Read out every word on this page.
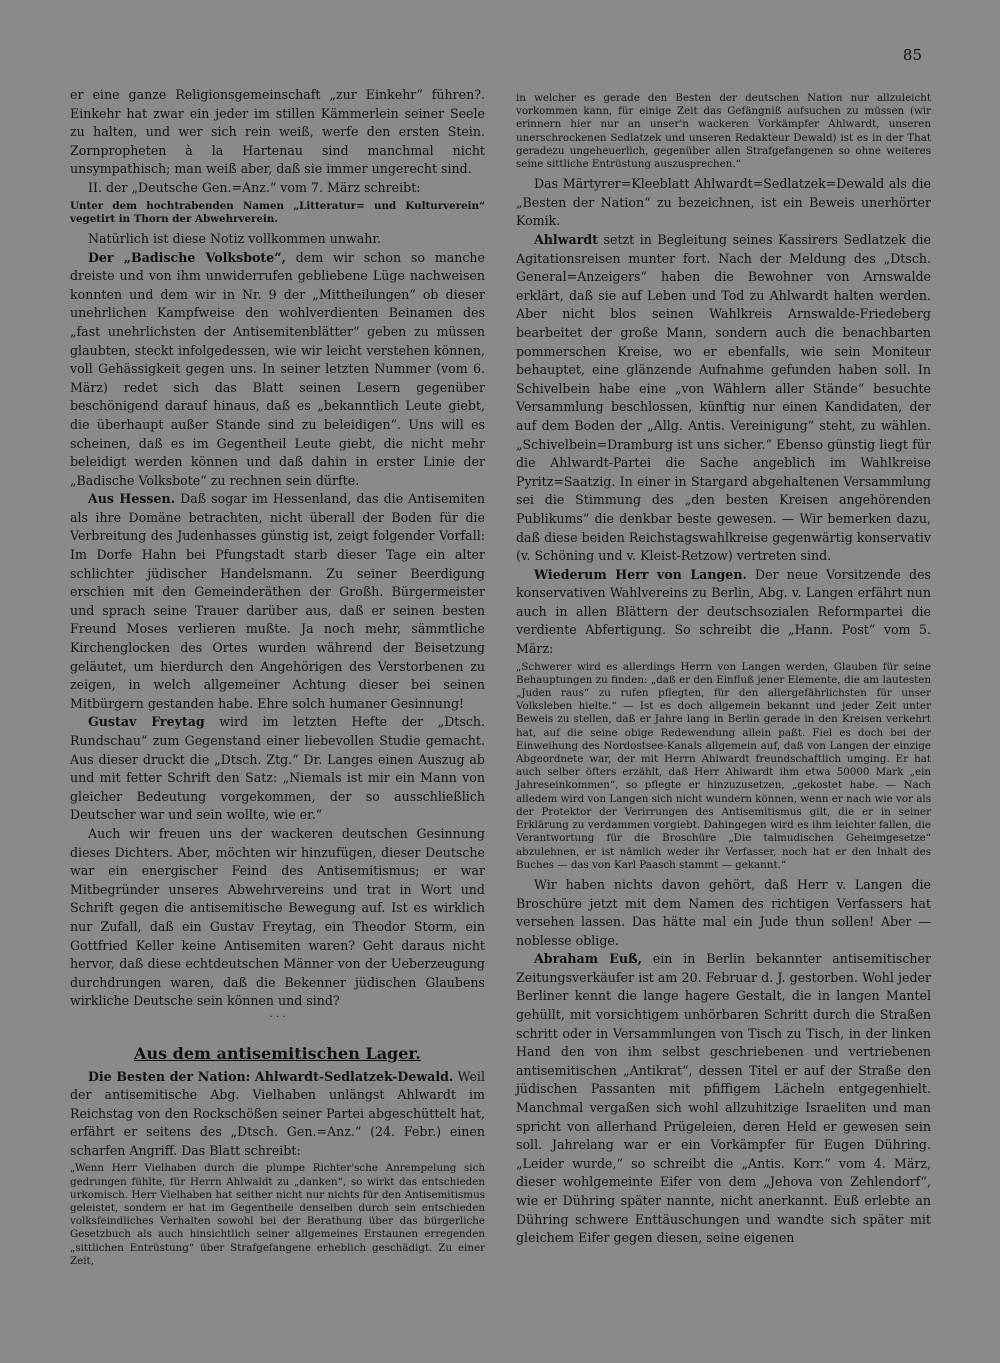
85

er eine ganze Religionsgemeinschaft „zur Einkehr“ führen?. Einkehr hat zwar ein jeder im stillen Kämmerlein seiner Seele zu halten, und wer sich rein weiß, werfe den ersten Stein. Zornpropheten à la Hartenau sind manchmal nicht unsympathisch; man weiß aber, daß sie immer ungerecht sind.

II. der „Deutsche Gen.=Anz.“ vom 7. März schreibt:

Unter dem hochtrabenden Namen „Litteratur= und Kulturverein“ vegetirt in Thorn der Abwehrverein.

Natürlich ist diese Notiz vollkommen unwahr.

Der „Badische Volksbote“, dem wir schon so manche dreiste und von ihm unwiderrufen gebliebene Lüge nachweisen konnten und dem wir in Nr. 9 der „Mittheilungen“ ob dieser unehrlichen Kampfweise den wohlverdienten Beinamen des „fast unehrlichsten der Antisemitenblätter“ geben zu müssen glaubten, steckt infolgedessen, wie wir leicht verstehen können, voll Gehässigkeit gegen uns. In seiner letzten Nummer (vom 6. März) redet sich das Blatt seinen Lesern gegenüber beschönigend darauf hinaus, daß es „bekanntlich Leute giebt, die überhaupt außer Stande sind zu beleidigen“. Uns will es scheinen, daß es im Gegentheil Leute giebt, die nicht mehr beleidigt werden können und daß dahin in erster Linie der „Badische Volksbote“ zu rechnen sein dürfte.

Aus Hessen. Daß sogar im Hessenland, das die Antisemiten als ihre Domäne betrachten, nicht überall der Boden für die Verbreitung des Judenhasses günstig ist, zeigt folgender Vorfall: Im Dorfe Hahn bei Pfungstadt starb dieser Tage ein alter schlichter jüdischer Handelsmann. Zu seiner Beerdigung erschien mit den Gemeinderäthen der Großh. Bürgermeister und sprach seine Trauer darüber aus, daß er seinen besten Freund Moses verlieren mußte. Ja noch mehr, sämmtliche Kirchenglocken des Ortes wurden während der Beisetzung geläutet, um hierdurch den Angehörigen des Verstorbenen zu zeigen, in welch allgemeiner Achtung dieser bei seinen Mitbürgern gestanden habe. Ehre solch humaner Gesinnung!

Gustav Freytag wird im letzten Hefte der „Dtsch. Rundschau“ zum Gegenstand einer liebevollen Studie gemacht. Aus dieser druckt die „Dtsch. Ztg.“ Dr. Langes einen Auszug ab und mit fetter Schrift den Satz: „Niemals ist mir ein Mann von gleicher Bedeutung vorgekommen, der so ausschließlich Deutscher war und sein wollte, wie er.“

Auch wir freuen uns der wackeren deutschen Gesinnung dieses Dichters. Aber, möchten wir hinzufügen, dieser Deutsche war ein energischer Feind des Antisemitismus; er war Mitbegründer unseres Abwehrvereins und trat in Wort und Schrift gegen die antisemitische Bewegung auf. Ist es wirklich nur Zufall, daß ein Gustav Freytag, ein Theodor Storm, ein Gottfried Keller keine Antisemiten waren? Geht daraus nicht hervor, daß diese echtdeutschen Männer von der Ueberzeugung durchdrungen waren, daß die Bekenner jüdischen Glaubens wirkliche Deutsche sein können und sind?

· · ·
Aus dem antisemitischen Lager.

Die Besten der Nation: Ahlwardt-Sedlatzek-Dewald. Weil der antisemitische Abg. Vielhaben unlängst Ahlwardt im Reichstag von den Rockschößen seiner Partei abgeschüttelt hat, erfährt er seitens des „Dtsch. Gen.=Anz.“ (24. Febr.) einen scharfen Angriff. Das Blatt schreibt:

„Wenn Herr Vielhaben durch die plumpe Richter'sche Anrempelung sich gedrungen fühlte, für Herrn Ahlwaldt zu „danken“, so wirkt das entschieden urkomisch. Herr Vielhaben hat seither nicht nur nichts für den Antisemitismus geleistet, sondern er hat im Gegentheile denselben durch sein entschieden volksfeindliches Verhalten sowohl bei der Berathung über das bürgerliche Gesetzbuch als auch hinsichtlich seiner allgemeines Erstaunen erregenden „sittlichen Entrüstung“ über Strafgefangene erheblich geschädigt. Zu einer Zeit,

in welcher es gerade den Besten der deutschen Nation nur allzuleicht vorkommen kann, für einige Zeit das Gefängniß aufsuchen zu müssen (wir erinnern hier nur an unser'n wackeren Vorkämpfer Ahlwardt, unseren unerschrockenen Sedlatzek und unseren Redakteur Dewald) ist es in der That geradezu ungeheuerlich, gegenüber allen Strafgefangenen so ohne weiteres seine sittliche Entrüstung auszusprechen.“

Das Märtyrer=Kleeblatt Ahlwardt=Sedlatzek=Dewald als die „Besten der Nation“ zu bezeichnen, ist ein Beweis unerhörter Komik.

Ahlwardt setzt in Begleitung seines Kassirers Sedlatzek die Agitationsreisen munter fort. Nach der Meldung des „Dtsch. General=Anzeigers“ haben die Bewohner von Arnswalde erklärt, daß sie auf Leben und Tod zu Ahlwardt halten werden. Aber nicht blos seinen Wahlkreis Arnswalde-Friedeberg bearbeitet der große Mann, sondern auch die benachbarten pommerschen Kreise, wo er ebenfalls, wie sein Moniteur behauptet, eine glänzende Aufnahme gefunden haben soll. In Schivelbein habe eine „von Wählern aller Stände“ besuchte Versammlung beschlossen, künftig nur einen Kandidaten, der auf dem Boden der „Allg. Antis. Vereinigung“ steht, zu wählen. „Schivelbein=Dramburg ist uns sicher.“ Ebenso günstig liegt für die Ahlwardt-Partei die Sache angeblich im Wahlkreise Pyritz=Saatzig. In einer in Stargard abgehaltenen Versammlung sei die Stimmung des „den besten Kreisen angehörenden Publikums“ die denkbar beste gewesen. — Wir bemerken dazu, daß diese beiden Reichstagswahlkreise gegenwärtig konservativ (v. Schöning und v. Kleist-Retzow) vertreten sind.

Wiederum Herr von Langen. Der neue Vorsitzende des konservativen Wahlvereins zu Berlin, Abg. v. Langen erfährt nun auch in allen Blättern der deutschsozialen Reformpartei die verdiente Abfertigung. So schreibt die „Hann. Post“ vom 5. März:

„Schwerer wird es allerdings Herrn von Langen werden, Glauben für seine Behauptungen zu finden: „daß er den Einfluß jener Elemente, die am lautesten „Juden raus“ zu rufen pflegten, für den allergefährlichsten für unser Volksleben hielte.“ — Ist es doch allgemein bekannt und jeder Zeit unter Beweis zu stellen, daß er Jahre lang in Berlin gerade in den Kreisen verkehrt hat, auf die seine obige Redewendung allein paßt. Fiel es doch bei der Einweihung des Nordostsee-Kanals allgemein auf, daß von Langen der einzige Abgeordnete war, der mit Herrn Ahlwardt freundschaftlich umging. Er hat auch selber öfters erzählt, daß Herr Ahlwardt ihm etwa 50000 Mark „ein Jahreseinkommen“, so pflegte er hinzuzusetzen, „gekostet habe. — Nach alledem wird von Langen sich nicht wundern können, wenn er nach wie vor als der Protektor der Verirrungen des Antisemitismus gilt, die er in seiner Erklärung zu verdammen vorgiebt. Dahingegen wird es ihm leichter fallen, die Verantwortung für die Broschüre „Die talmudischen Geheimgesetze“ abzulehnen, er ist nämlich weder ihr Verfasser, noch hat er den Inhalt des Buches — das von Karl Paasch stammt — gekannt.“

Wir haben nichts davon gehört, daß Herr v. Langen die Broschüre jetzt mit dem Namen des richtigen Verfassers hat versehen lassen. Das hätte mal ein Jude thun sollen! Aber — noblesse oblige.

Abraham Euß, ein in Berlin bekannter antisemitischer Zeitungsverkäufer ist am 20. Februar d. J. gestorben. Wohl jeder Berliner kennt die lange hagere Gestalt, die in langen Mantel gehüllt, mit vorsichtigem unhörbaren Schritt durch die Straßen schritt oder in Versammlungen von Tisch zu Tisch, in der linken Hand den von ihm selbst geschriebenen und vertriebenen antisemitischen „Antikrat“, dessen Titel er auf der Straße den jüdischen Passanten mit pfiffigem Lächeln entgegenhielt. Manchmal vergaßen sich wohl allzuhitzige Israeliten und man spricht von allerhand Prügeleien, deren Held er gewesen sein soll. Jahrelang war er ein Vorkämpfer für Eugen Dühring. „Leider wurde,“ so schreibt die „Antis. Korr.“ vom 4. März, dieser wohlgemeinte Eifer von dem „Jehova von Zehlendorf“, wie er Dühring später nannte, nicht anerkannt. Euß erlebte an Dühring schwere Enttäuschungen und wandte sich später mit gleichem Eifer gegen diesen, seine eigenen
